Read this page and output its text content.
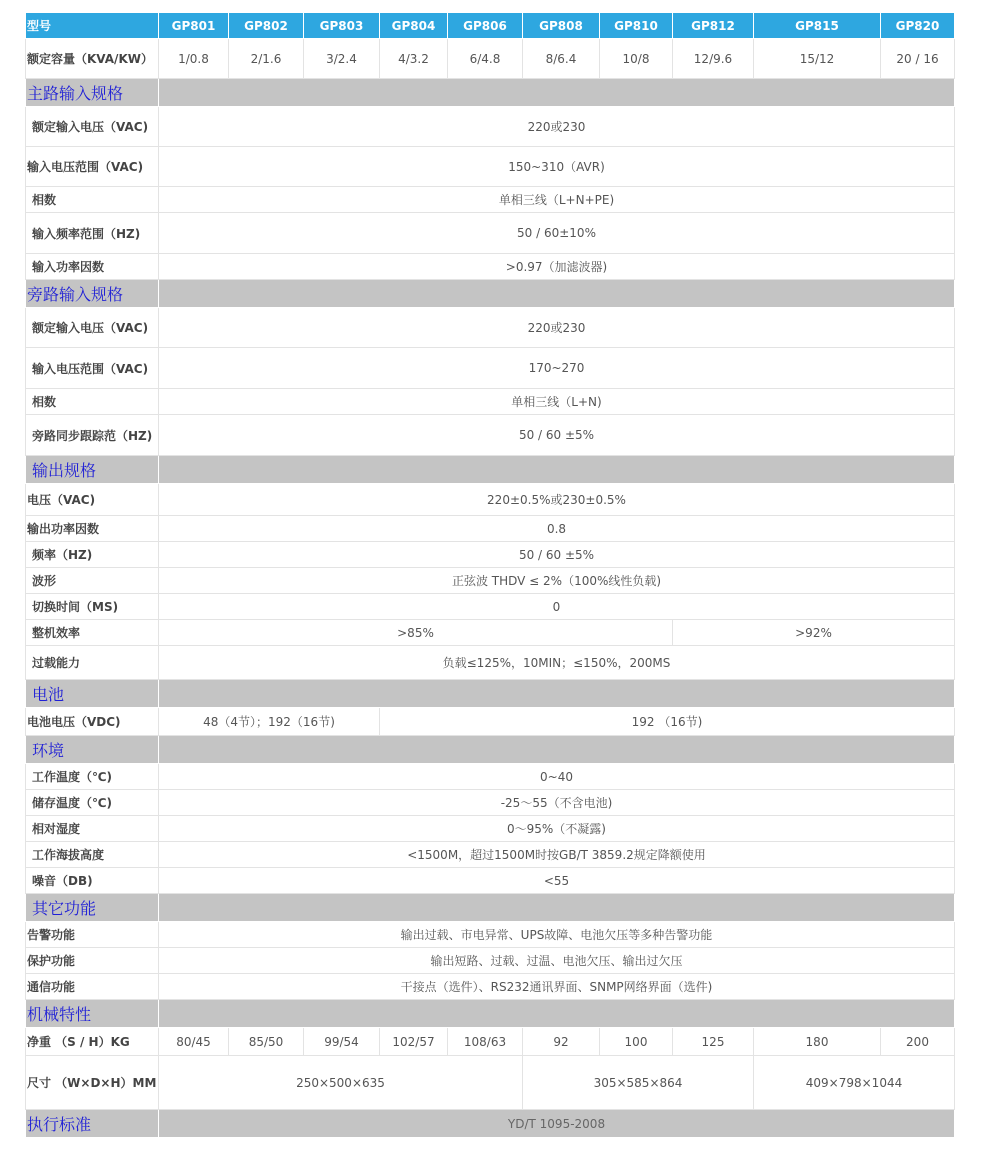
型号	GP801	GP802	GP803	GP804	GP806	GP808	GP810	GP812	GP815	GP820
额定容量（KVA/KW）	1/0.8	2/1.6	3/2.4	4/3.2	6/4.8	8/6.4	10/8	12/9.6	15/12	20 / 16
主路输入规格										
额定输入电压（VAC)	220或230									
输入电压范围（VAC)	150~310（AVR)									
相数	单相三线（L+N+PE)									
输入频率范围（HZ)	50 / 60±10%									
输入功率因数	>0.97（加滤波器)									
旁路输入规格										
额定输入电压（VAC)	220或230									
输入电压范围（VAC)	170~270									
相数	单相三线（L+N)									
旁路同步跟踪范（HZ)	50 / 60 ±5%									
输出规格										
电压（VAC)	220±0.5%或230±0.5%									
输出功率因数	0.8									
频率（HZ)	50 / 60 ±5%									
波形	正弦波 THDV ≤ 2%（100%线性负载)									
切换时间（MS)	0									
整机效率	>85%							>92%		
过载能力	负载≤125%，10MIN；≤150%，200MS									
电池										
电池电压（VDC)	48（4节）；192（16节)			192 （16节)						
环境										
工作温度（℃)	0~40									
储存温度（℃)	-25～55（不含电池)									
相对湿度	0～95%（不凝露)									
工作海拔高度	<1500M，超过1500M时按GB/T 3859.2规定降额使用									
噪音（DB)	<55									
其它功能										
告警功能	输出过载、市电异常、UPS故障、电池欠压等多种告警功能									
保护功能	输出短路、过载、过温、电池欠压、输出过欠压									
通信功能	干接点（选件）、RS232通讯界面、SNMP网络界面（选件)									
机械特性										
净重 （S / H）KG	80/45	85/50	99/54	102/57	108/63	92	100	125	180	200
尺寸 （W×D×H）MM	250×500×635					305×585×864			409×798×1044	
执行标准	YD/T 1095-2008									
